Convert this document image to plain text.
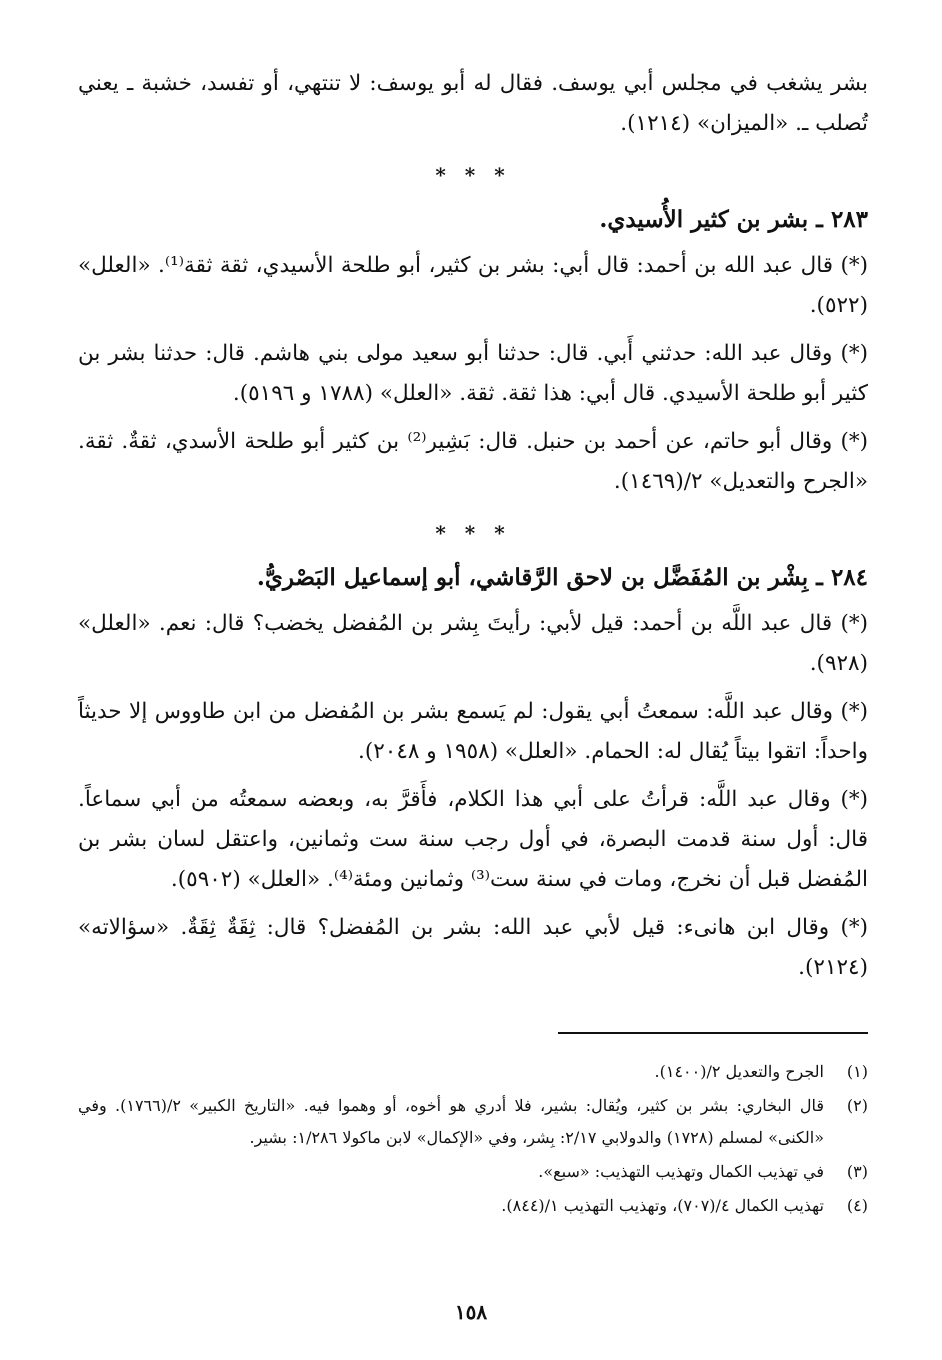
بشر يشغب في مجلس أبي يوسف. فقال له أبو يوسف: لا تنتهي، أو تفسد، خشبة ـ يعني تُصلب ـ. «الميزان» (١٢١٤).

* * *
٢٨٣ ـ بشر بن كثير الأُسيدي.

(*) قال عبد الله بن أحمد: قال أبي: بشر بن كثير، أبو طلحة الأسيدي، ثقة ثقة⁽¹⁾. «العلل» (٥٢٢).

(*) وقال عبد الله: حدثني أَبي. قال: حدثنا أبو سعيد مولى بني هاشم. قال: حدثنا بشر بن كثير أبو طلحة الأسيدي. قال أبي: هذا ثقة. ثقة. «العلل» (١٧٨٨ و ٥١٩٦).

(*) وقال أبو حاتم، عن أحمد بن حنبل. قال: بَشِير⁽²⁾ بن كثير أبو طلحة الأسدي، ثقةٌ. ثقة. «الجرح والتعديل» ٢/(١٤٦٩).

* * *
٢٨٤ ـ بِشْر بن المُفَضَّل بن لاحق الرَّقاشي، أبو إسماعيل البَصْريُّ.

(*) قال عبد اللَّه بن أحمد: قيل لأبي: رأيتَ بِشر بن المُفضل يخضب؟ قال: نعم. «العلل» (٩٢٨).

(*) وقال عبد اللَّه: سمعتُ أبي يقول: لم يَسمع بشر بن المُفضل من ابن طاووس إلا حديثاً واحداً: اتقوا بيتاً يُقال له: الحمام. «العلل» (١٩٥٨ و ٢٠٤٨).

(*) وقال عبد اللَّه: قرأتُ على أبي هذا الكلام، فأَقرَّ به، وبعضه سمعتُه من أبي سماعاً. قال: أول سنة قدمت البصرة، في أول رجب سنة ست وثمانين، واعتقل لسان بشر بن المُفضل قبل أن نخرج، ومات في سنة ست⁽³⁾ وثمانين ومئة⁽⁴⁾. «العلل» (٥٩٠٢).

(*) وقال ابن هانىء: قيل لأبي عبد الله: بشر بن المُفضل؟ قال: ثِقَةٌ ثِقَةٌ. «سؤالاته» (٢١٢٤).

(١)
الجرح والتعديل ٢/(١٤٠٠).
(٢)
قال البخاري: بشر بن كثير، ويُقال: بشير، فلا أدري هو أخوه، أو وهموا فيه. «التاريخ الكبير» ٢/(١٧٦٦). وفي «الكنى» لمسلم (١٧٢٨) والدولابي ٢/١٧: بِشر، وفي «الإكمال» لابن ماكولا ١/٢٨٦: بشير.
(٣)
في تهذيب الكمال وتهذيب التهذيب: «سبع».
(٤)
تهذيب الكمال ٤/(٧٠٧)، وتهذيب التهذيب ١/(٨٤٤).
١٥٨
